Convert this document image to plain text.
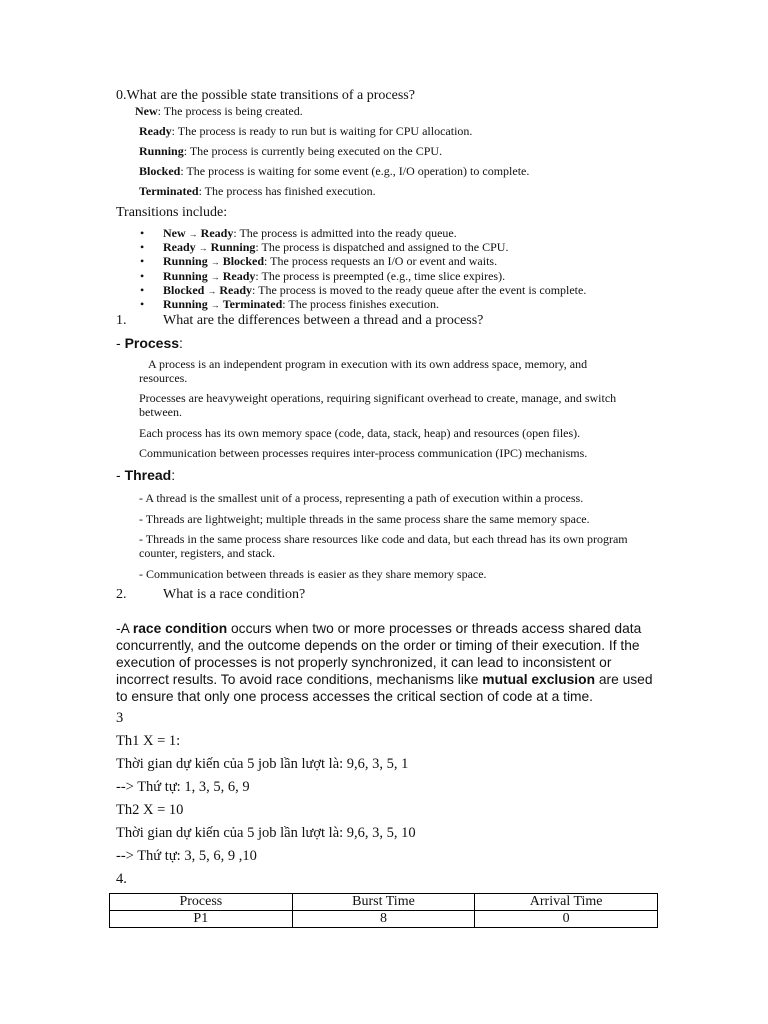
0.What are the possible state transitions of a process?
New: The process is being created.
Ready: The process is ready to run but is waiting for CPU allocation.
Running: The process is currently being executed on the CPU.
Blocked: The process is waiting for some event (e.g., I/O operation) to complete.
Terminated: The process has finished execution.
Transitions include:
• New → Ready: The process is admitted into the ready queue.
• Ready → Running: The process is dispatched and assigned to the CPU.
• Running → Blocked: The process requests an I/O or event and waits.
• Running → Ready: The process is preempted (e.g., time slice expires).
• Blocked → Ready: The process is moved to the ready queue after the event is complete.
• Running → Terminated: The process finishes execution.
1.	What are the differences between a thread and a process?
- Process:
A process is an independent program in execution with its own address space, memory, and resources.
Processes are heavyweight operations, requiring significant overhead to create, manage, and switch between.
Each process has its own memory space (code, data, stack, heap) and resources (open files).
Communication between processes requires inter-process communication (IPC) mechanisms.
- Thread:
- A thread is the smallest unit of a process, representing a path of execution within a process.
- Threads are lightweight; multiple threads in the same process share the same memory space.
- Threads in the same process share resources like code and data, but each thread has its own program counter, registers, and stack.
- Communication between threads is easier as they share memory space.
2.	What is a race condition?
-A race condition occurs when two or more processes or threads access shared data concurrently, and the outcome depends on the order or timing of their execution. If the execution of processes is not properly synchronized, it can lead to inconsistent or incorrect results. To avoid race conditions, mechanisms like mutual exclusion are used to ensure that only one process accesses the critical section of code at a time.
3
Th1 X = 1:
Thời gian dự kiến của 5 job lần lượt là: 9,6, 3, 5, 1
--> Thứ tự: 1, 3, 5, 6, 9
Th2 X = 10
Thời gian dự kiến của 5 job lần lượt là: 9,6, 3, 5, 10
--> Thứ tự: 3, 5, 6, 9 ,10
4.
Process	Burst Time	Arrival Time
P1	8	0
